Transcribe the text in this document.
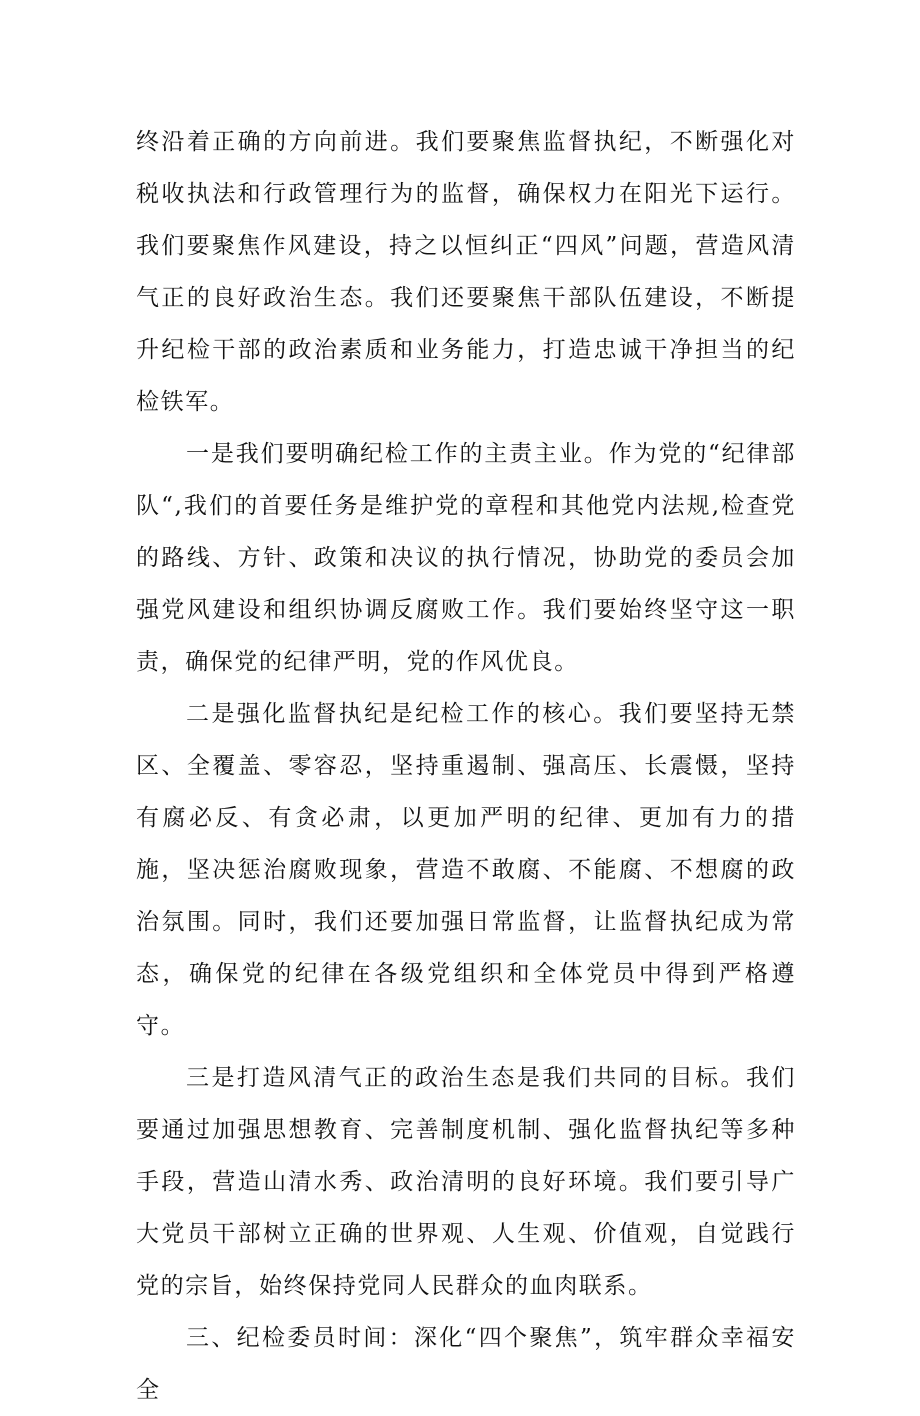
终沿着正确的方向前进。我们要聚焦监督执纪，不断强化对税收执法和行政管理行为的监督，确保权力在阳光下运行。我们要聚焦作风建设，持之以恒纠正“四风”问题，营造风清气正的良好政治生态。我们还要聚焦干部队伍建设，不断提升纪检干部的政治素质和业务能力，打造忠诚干净担当的纪检铁军。

一是我们要明确纪检工作的主责主业。作为党的“纪律部队“,我们的首要任务是维护党的章程和其他党内法规,检查党的路线、方针、政策和决议的执行情况，协助党的委员会加强党风建设和组织协调反腐败工作。我们要始终坚守这一职责，确保党的纪律严明，党的作风优良。

二是强化监督执纪是纪检工作的核心。我们要坚持无禁区、全覆盖、零容忍，坚持重遏制、强高压、长震慑，坚持有腐必反、有贪必肃，以更加严明的纪律、更加有力的措施，坚决惩治腐败现象，营造不敢腐、不能腐、不想腐的政治氛围。同时，我们还要加强日常监督，让监督执纪成为常态，确保党的纪律在各级党组织和全体党员中得到严格遵守。

三是打造风清气正的政治生态是我们共同的目标。我们要通过加强思想教育、完善制度机制、强化监督执纪等多种手段，营造山清水秀、政治清明的良好环境。我们要引导广大党员干部树立正确的世界观、人生观、价值观，自觉践行党的宗旨，始终保持党同人民群众的血肉联系。

三、纪检委员时间：深化“四个聚焦”，筑牢群众幸福安全
